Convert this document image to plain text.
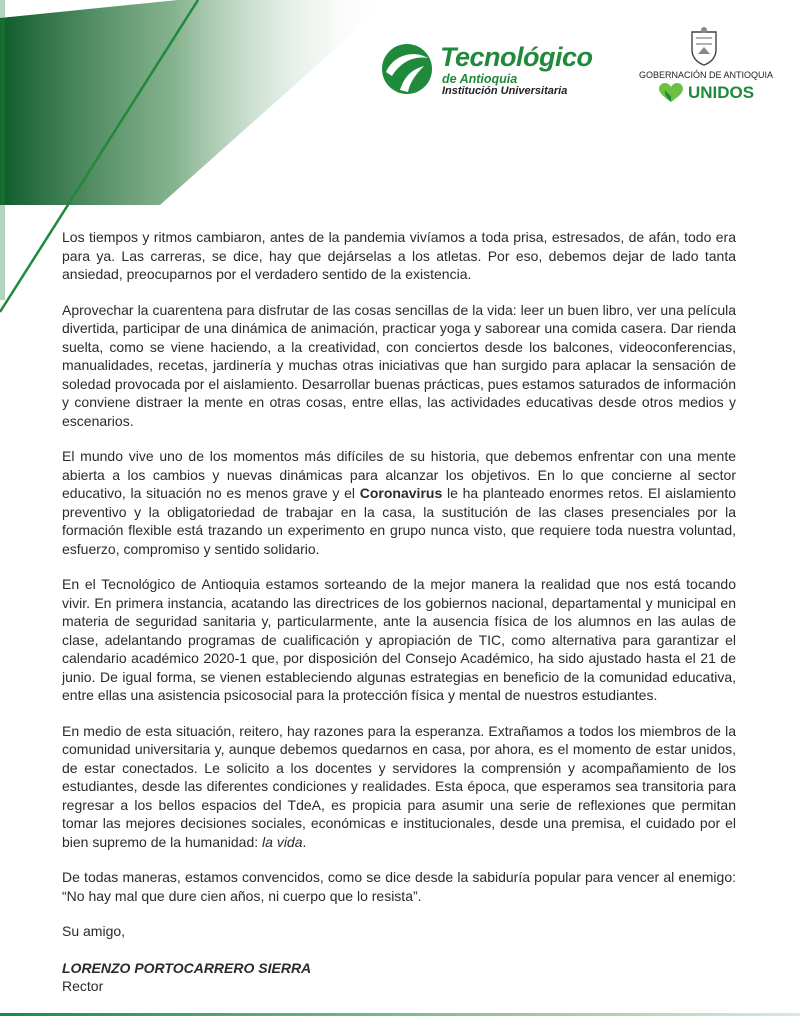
Tecnológico
de Antioquia
Institución Universitaria
GOBERNACIÓN DE ANTIOQUIA
UNIDOS

Los tiempos y ritmos cambiaron, antes de la pandemia vivíamos a toda prisa, estresados, de afán, todo era para ya. Las carreras, se dice, hay que dejárselas a los atletas. Por eso, debemos dejar de lado tanta ansiedad, preocuparnos por el verdadero sentido de la existencia.

Aprovechar la cuarentena para disfrutar de las cosas sencillas de la vida: leer un buen libro, ver una película divertida, participar de una dinámica de animación, practicar yoga y saborear una comida casera. Dar rienda suelta, como se viene haciendo, a la creatividad, con conciertos desde los balcones, videoconferencias, manualidades, recetas, jardinería y muchas otras iniciativas que han surgido para aplacar la sensación de soledad provocada por el aislamiento. Desarrollar buenas prácticas, pues estamos saturados de información y conviene distraer la mente en otras cosas, entre ellas, las actividades educativas desde otros medios y escenarios.

El mundo vive uno de los momentos más difíciles de su historia, que debemos enfrentar con una mente abierta a los cambios y nuevas dinámicas para alcanzar los objetivos. En lo que concierne al sector educativo, la situación no es menos grave y el Coronavirus le ha planteado enormes retos. El aislamiento preventivo y la obligatoriedad de trabajar en la casa, la sustitución de las clases presenciales por la formación flexible está trazando un experimento en grupo nunca visto, que requiere toda nuestra voluntad, esfuerzo, compromiso y sentido solidario.

En el Tecnológico de Antioquia estamos sorteando de la mejor manera la realidad que nos está tocando vivir. En primera instancia, acatando las directrices de los gobiernos nacional, departamental y municipal en materia de seguridad sanitaria y, particularmente, ante la ausencia física de los alumnos en las aulas de clase, adelantando programas de cualificación y apropiación de TIC, como alternativa para garantizar el calendario académico 2020-1 que, por disposición del Consejo Académico, ha sido ajustado hasta el 21 de junio. De igual forma, se vienen estableciendo algunas estrategias en beneficio de la comunidad educativa, entre ellas una asistencia psicosocial para la protección física y mental de nuestros estudiantes.

En medio de esta situación, reitero, hay razones para la esperanza. Extrañamos a todos los miembros de la comunidad universitaria y, aunque debemos quedarnos en casa, por ahora, es el momento de estar unidos, de estar conectados. Le solicito a los docentes y servidores la comprensión y acompañamiento de los estudiantes, desde las diferentes condiciones y realidades. Esta época, que esperamos sea transitoria para regresar a los bellos espacios del TdeA, es propicia para asumir una serie de reflexiones que permitan tomar las mejores decisiones sociales, económicas e institucionales, desde una premisa, el cuidado por el bien supremo de la humanidad: la vida.

De todas maneras, estamos convencidos, como se dice desde la sabiduría popular para vencer al enemigo: “No hay mal que dure cien años, ni cuerpo que lo resista”.

Su amigo,

LORENZO PORTOCARRERO SIERRA

Rector
